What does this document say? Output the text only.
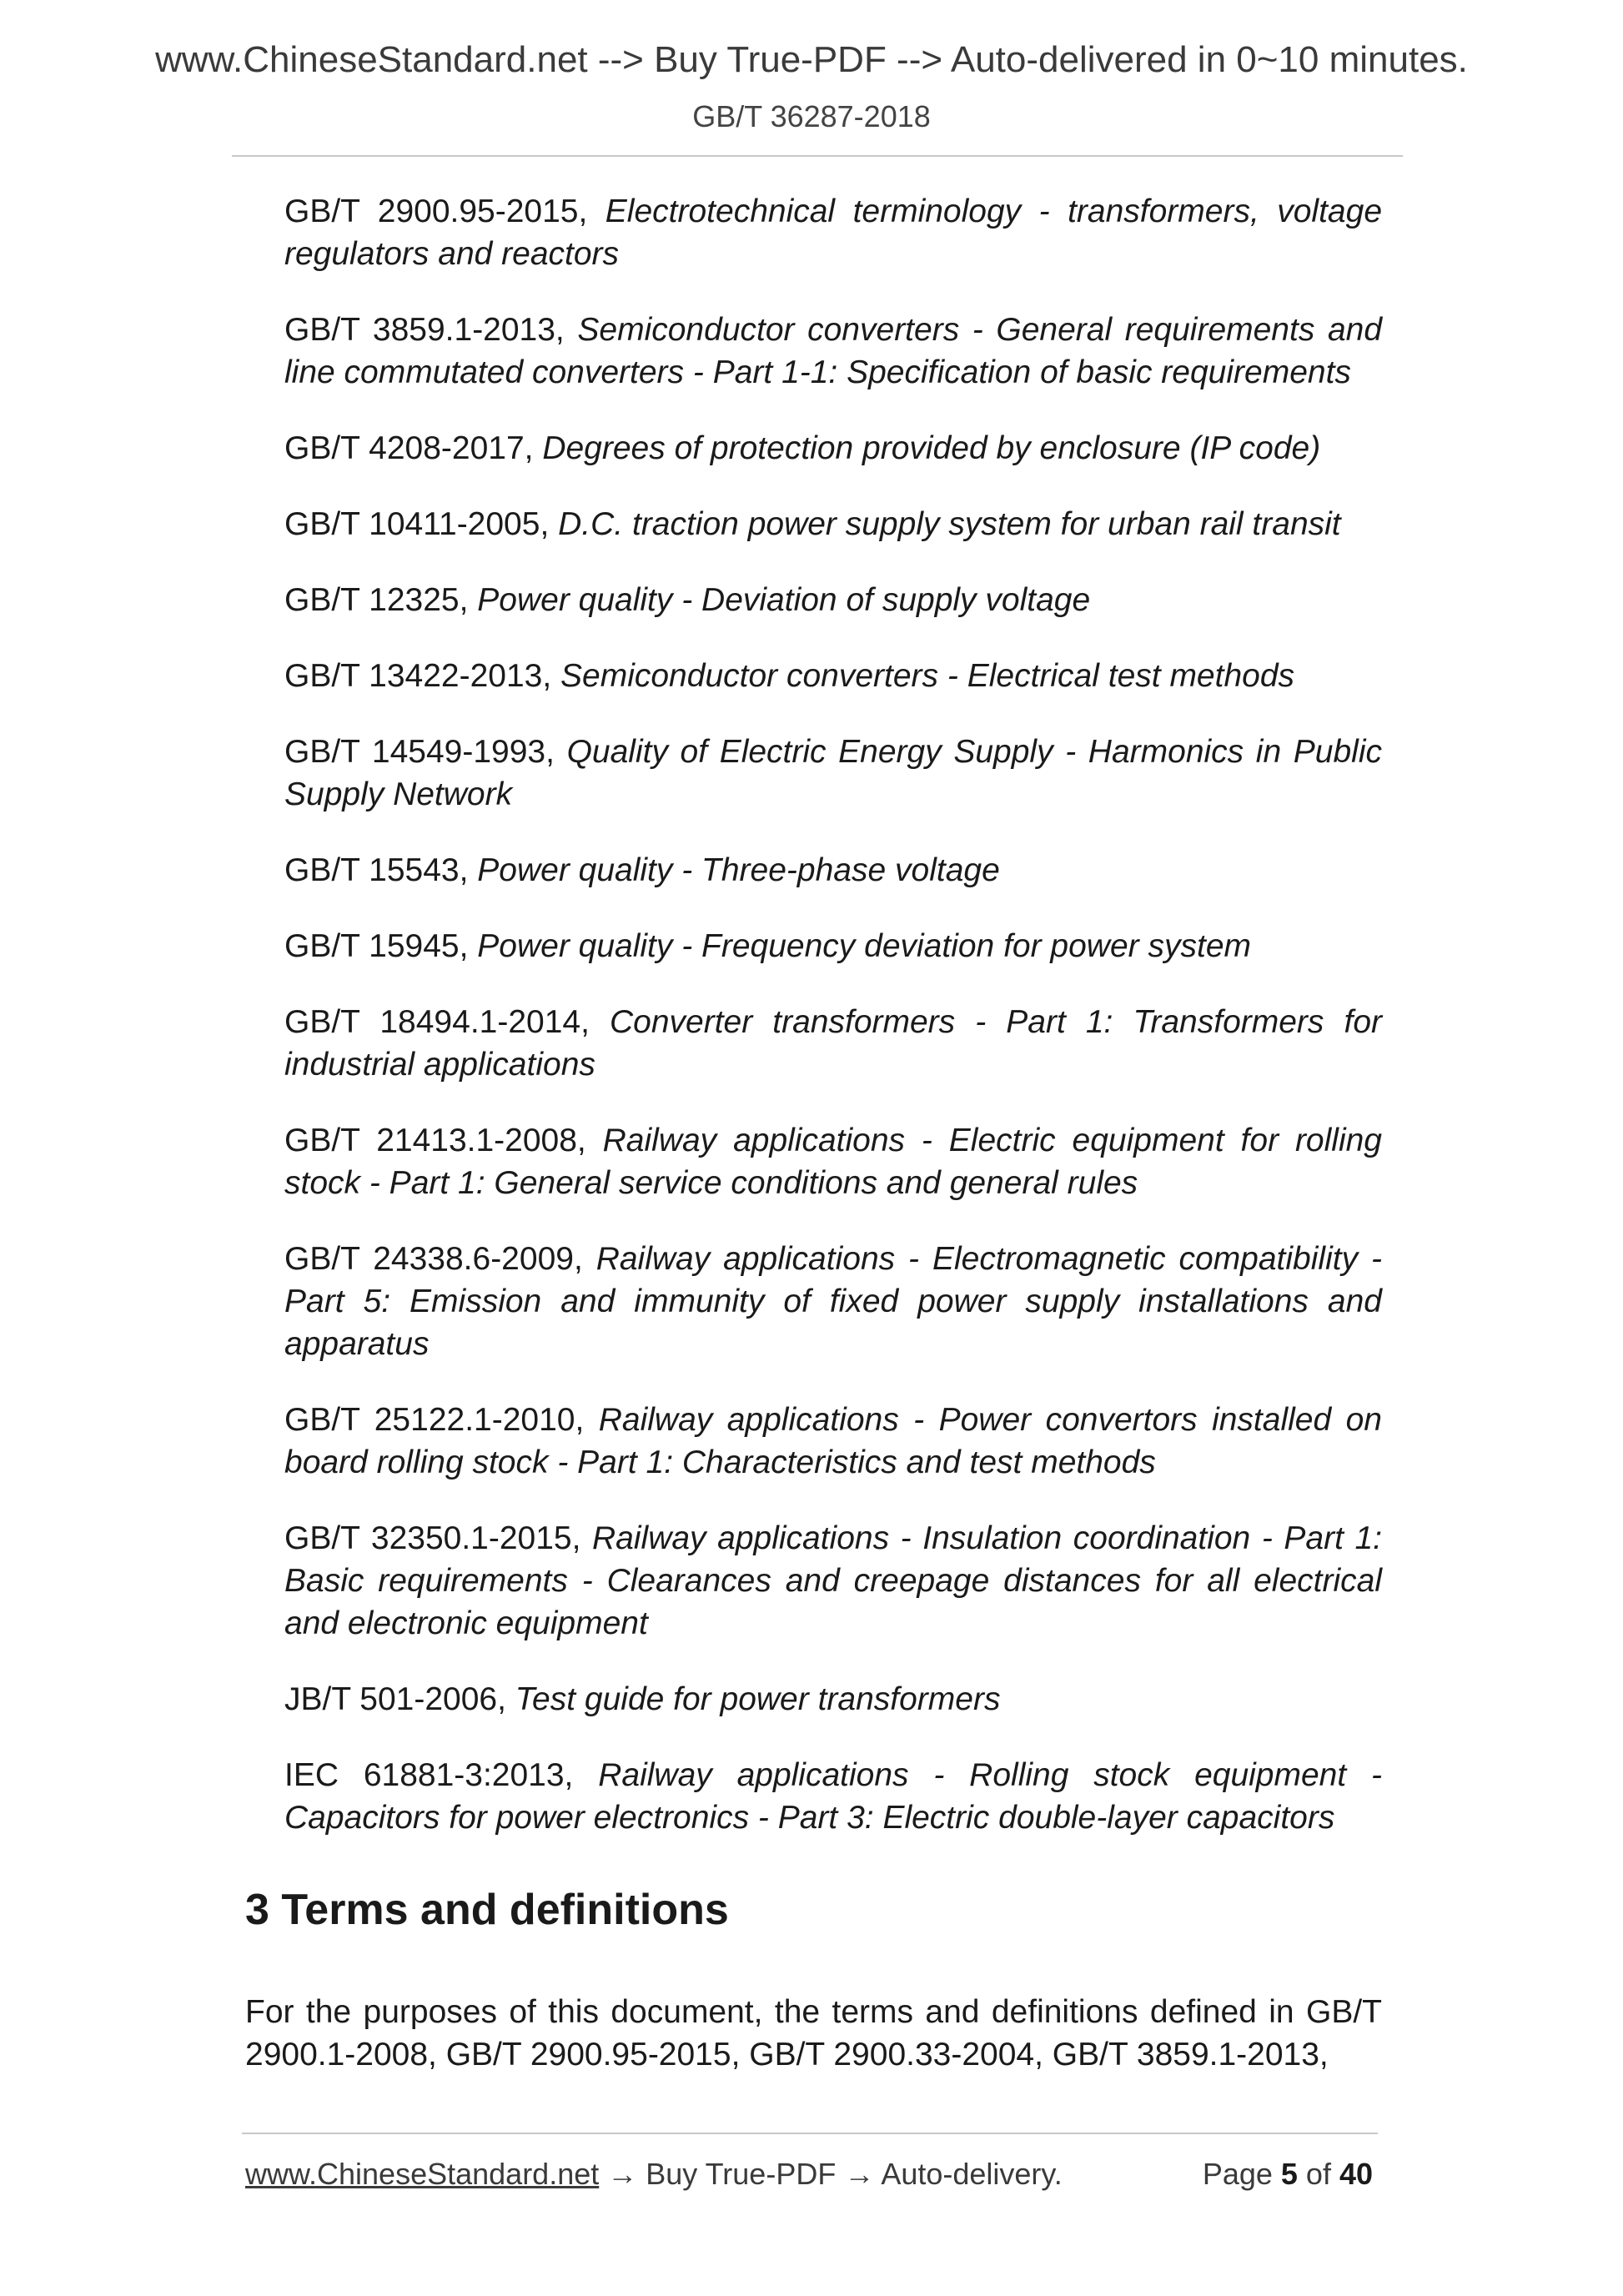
www.ChineseStandard.net --> Buy True-PDF --> Auto-delivered in 0~10 minutes.
GB/T 36287-2018
GB/T 2900.95-2015, Electrotechnical terminology - transformers, voltage regulators and reactors
GB/T 3859.1-2013, Semiconductor converters - General requirements and line commutated converters - Part 1-1: Specification of basic requirements
GB/T 4208-2017, Degrees of protection provided by enclosure (IP code)
GB/T 10411-2005, D.C. traction power supply system for urban rail transit
GB/T 12325, Power quality - Deviation of supply voltage
GB/T 13422-2013, Semiconductor converters - Electrical test methods
GB/T 14549-1993, Quality of Electric Energy Supply - Harmonics in Public Supply Network
GB/T 15543, Power quality - Three-phase voltage
GB/T 15945, Power quality - Frequency deviation for power system
GB/T 18494.1-2014, Converter transformers - Part 1: Transformers for industrial applications
GB/T 21413.1-2008, Railway applications - Electric equipment for rolling stock - Part 1: General service conditions and general rules
GB/T 24338.6-2009, Railway applications - Electromagnetic compatibility - Part 5: Emission and immunity of fixed power supply installations and apparatus
GB/T 25122.1-2010, Railway applications - Power convertors installed on board rolling stock - Part 1: Characteristics and test methods
GB/T 32350.1-2015, Railway applications - Insulation coordination - Part 1: Basic requirements - Clearances and creepage distances for all electrical and electronic equipment
JB/T 501-2006, Test guide for power transformers
IEC 61881-3:2013, Railway applications - Rolling stock equipment - Capacitors for power electronics - Part 3: Electric double-layer capacitors
3 Terms and definitions

For the purposes of this document, the terms and definitions defined in GB/T 2900.1-2008, GB/T 2900.95-2015, GB/T 2900.33-2004, GB/T 3859.1-2013,

www.ChineseStandard.net → Buy True-PDF → Auto-delivery.	Page 5 of 40
